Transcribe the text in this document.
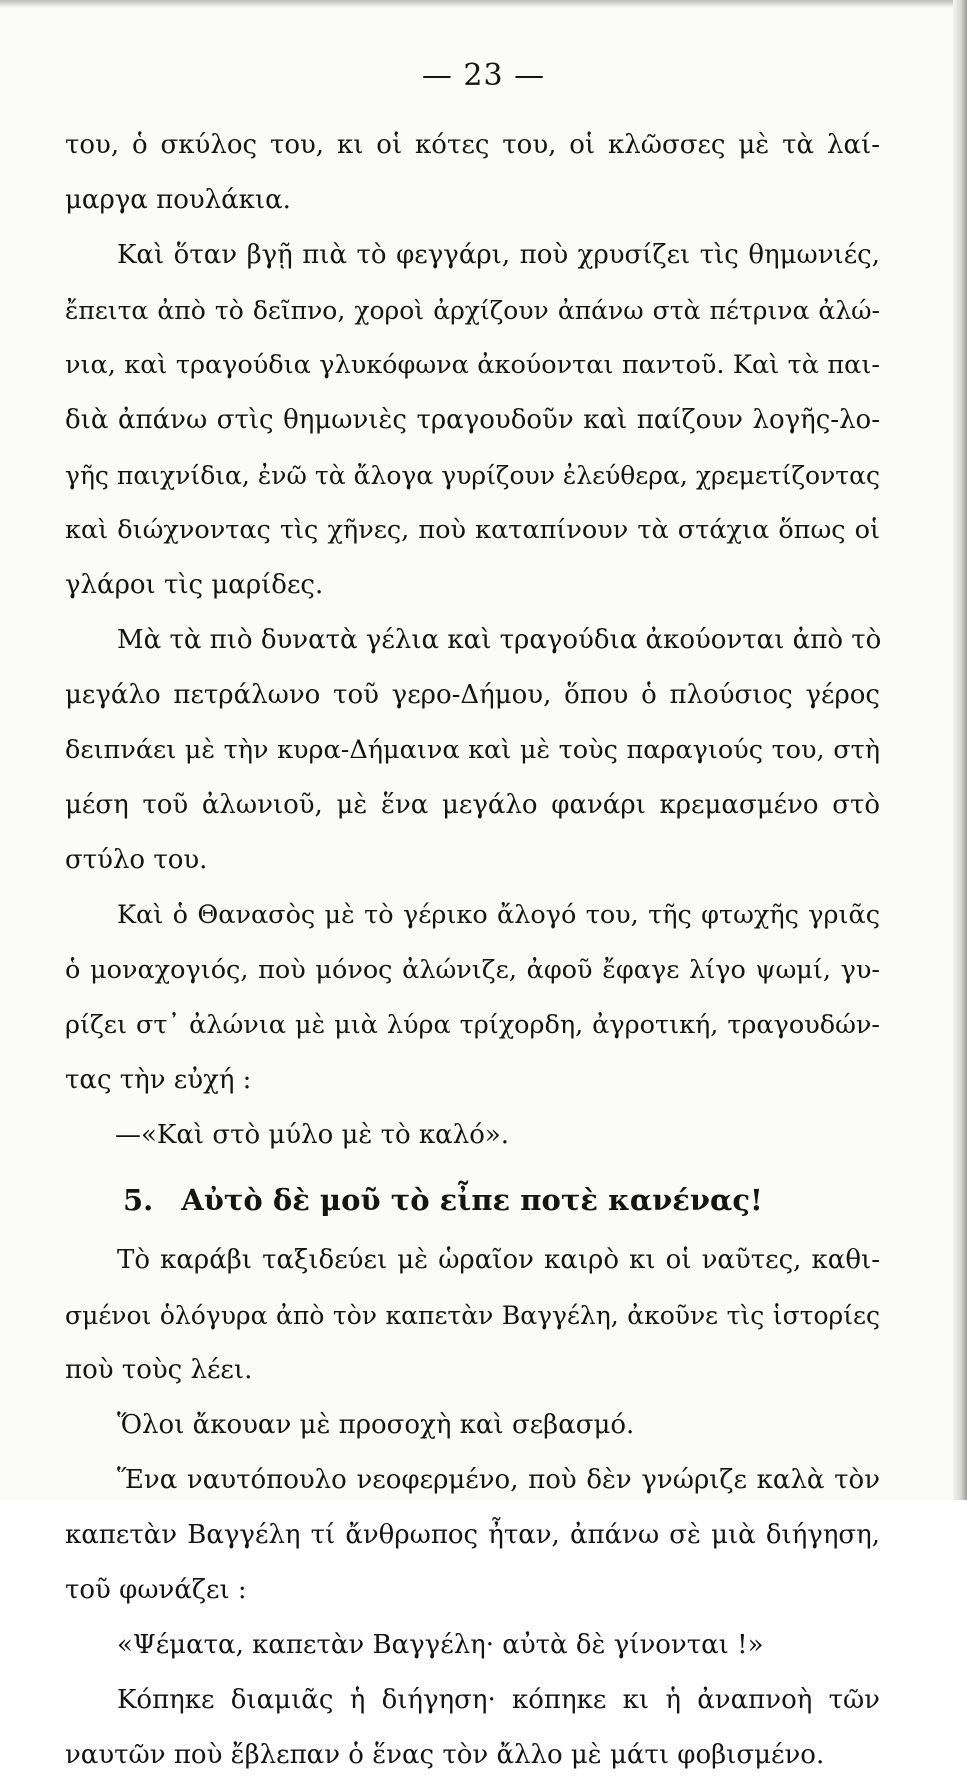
— 23 —
του, ὁ σκύλος του, κι οἱ κότες του, οἱ κλῶσσες μὲ τὰ λαί-
μαργα πουλάκια.
Καὶ ὅταν βγῇ πιὰ τὸ φεγγάρι, ποὺ χρυσίζει τὶς θημωνιές,
ἔπειτα ἀπὸ τὸ δεῖπνο, χοροὶ ἀρχίζουν ἀπάνω στὰ πέτρινα ἀλώ-
νια, καὶ τραγούδια γλυκόφωνα ἀκούονται παντοῦ. Καὶ τὰ παι-
διὰ ἀπάνω στὶς θημωνιὲς τραγουδοῦν καὶ παίζουν λογῆς-λο-
γῆς παιχνίδια, ἐνῶ τὰ ἄλογα γυρίζουν ἐλεύθερα, χρεμετίζοντας
καὶ διώχνοντας τὶς χῆνες, ποὺ καταπίνουν τὰ στάχια ὅπως οἱ
γλάροι τὶς μαρίδες.
Μὰ τὰ πιὸ δυνατὰ γέλια καὶ τραγούδια ἀκούονται ἀπὸ τὸ
μεγάλο πετράλωνο τοῦ γερο-Δήμου, ὅπου ὁ πλούσιος γέρος
δειπνάει μὲ τὴν κυρα-Δήμαινα καὶ μὲ τοὺς παραγιούς του, στὴ
μέση τοῦ ἀλωνιοῦ, μὲ ἕνα μεγάλο φανάρι κρεμασμένο στὸ
στύλο του.
Καὶ ὁ Θανασὸς μὲ τὸ γέρικο ἄλογό του, τῆς φτωχῆς γριᾶς
ὁ μοναχογιός, ποὺ μόνος ἀλώνιζε, ἀφοῦ ἔφαγε λίγο ψωμί, γυ-
ρίζει στ᾽ ἀλώνια μὲ μιὰ λύρα τρίχορδη, ἀγροτική, τραγουδών-
τας τὴν εὐχή :
—«Καὶ στὸ μύλο μὲ τὸ καλό».
5. Αὐτὸ δὲ μοῦ τὸ εἶπε ποτὲ κανένας!
Τὸ καράβι ταξιδεύει μὲ ὡραῖον καιρὸ κι οἱ ναῦτες, καθι-
σμένοι ὁλόγυρα ἀπὸ τὸν καπετὰν Βαγγέλη, ἀκοῦνε τὶς ἱστορίες
ποὺ τοὺς λέει.
Ὅλοι ἄκουαν μὲ προσοχὴ καὶ σεβασμό.
Ἕνα ναυτόπουλο νεοφερμένο, ποὺ δὲν γνώριζε καλὰ τὸν
καπετὰν Βαγγέλη τί ἄνθρωπος ἦταν, ἀπάνω σὲ μιὰ διήγηση,
τοῦ φωνάζει :
«Ψέματα, καπετὰν Βαγγέλη· αὐτὰ δὲ γίνονται !»
Κόπηκε διαμιᾶς ἡ διήγηση· κόπηκε κι ἡ ἀναπνοὴ τῶν
ναυτῶν ποὺ ἔβλεπαν ὁ ἕνας τὸν ἄλλο μὲ μάτι φοβισμένο.
